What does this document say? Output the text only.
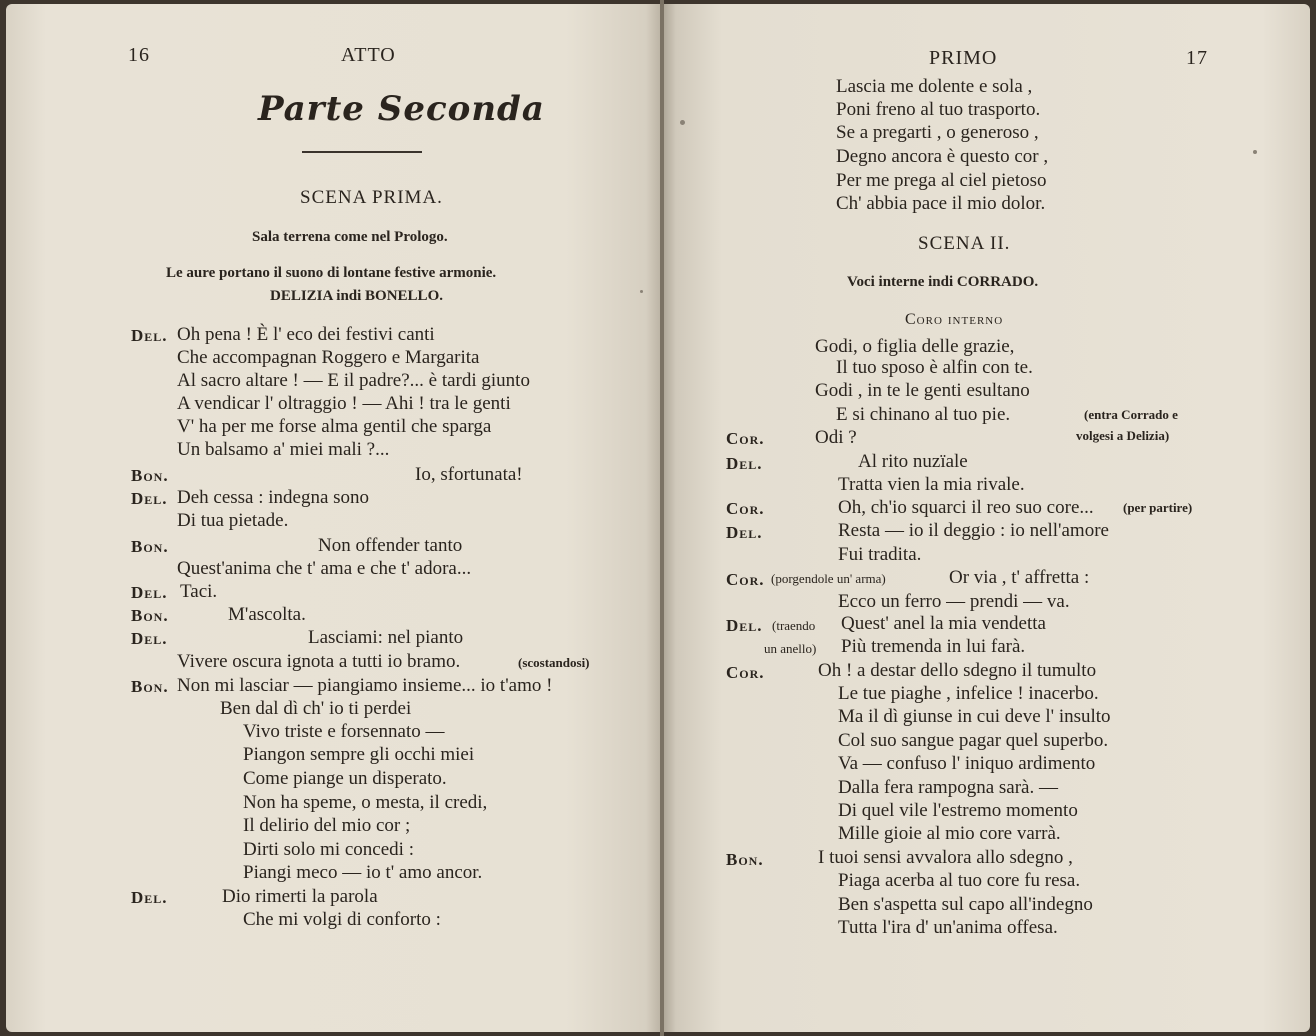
16	ATTO
Parte Seconda
SCENA PRIMA.
Sala terrena come nel Prologo.
Le aure portano il suono di lontane festive armonie.
DELIZIA indi BONELLO.
Del. Oh pena ! È l' eco dei festivi canti
Che accompagnan Roggero e Margarita
Al sacro altare ! — E il padre?... è tardi giunto
A vendicar l' oltraggio ! — Ahi ! tra le genti
V' ha per me forse alma gentil che sparga
Un balsamo a' miei mali ?...
Bon.	Io, sfortunata!
Del. Deh cessa : indegna sono
Di tua pietade.
Bon.	Non offender tanto
Quest'anima che t' ama e che t' adora...
Del. Taci.
Bon.	M'ascolta.
Del.	Lasciami: nel pianto
Vivere oscura ignota a tutti io bramo.	(scostandosi)
Bon. Non mi lasciar — piangiamo insieme... io t'amo !
Ben dal dì ch' io ti perdei
Vivo triste e forsennato —
Piangon sempre gli occhi miei
Come piange un disperato.
Non ha speme, o mesta, il credi,
Il delirio del mio cor ;
Dirti solo mi concedi :
Piangi meco — io t' amo ancor.
Del.	Dio rimerti la parola
Che mi volgi di conforto :
PRIMO	17
Lascia me dolente e sola ,
Poni freno al tuo trasporto.
Se a pregarti , o generoso ,
Degno ancora è questo cor ,
Per me prega al ciel pietoso
Ch' abbia pace il mio dolor.
SCENA II.
Voci interne indi CORRADO.
Coro interno
Godi, o figlia delle grazie,
Il tuo sposo è alfin con te.
Godi , in te le genti esultano
E si chinano al tuo pie.	(entra Corrado e
volgesi a Delizia)
Cor.	Odi ?
Del.	Al rito nuzïale
Tratta vien la mia rivale.
Cor.	Oh, ch'io squarci il reo suo core... (per partire)
Del.	Resta — io il deggio : io nell'amore
Fui tradita.
Cor. (porgendole un' arma)	Or via , t' affretta :
Ecco un ferro — prendi — va.
Del. (traendo Quest' anel la mia vendetta
un anello) Più tremenda in lui farà.
Cor.	Oh ! a destar dello sdegno il tumulto
Le tue piaghe , infelice ! inacerbo.
Ma il dì giunse in cui deve l' insulto
Col suo sangue pagar quel superbo.
Va — confuso l' iniquo ardimento
Dalla fera rampogna sarà. —
Di quel vile l'estremo momento
Mille gioie al mio core varrà.
Bon.	I tuoi sensi avvalora allo sdegno ,
Piaga acerba al tuo core fu resa.
Ben s'aspetta sul capo all'indegno
Tutta l'ira d' un'anima offesa.
